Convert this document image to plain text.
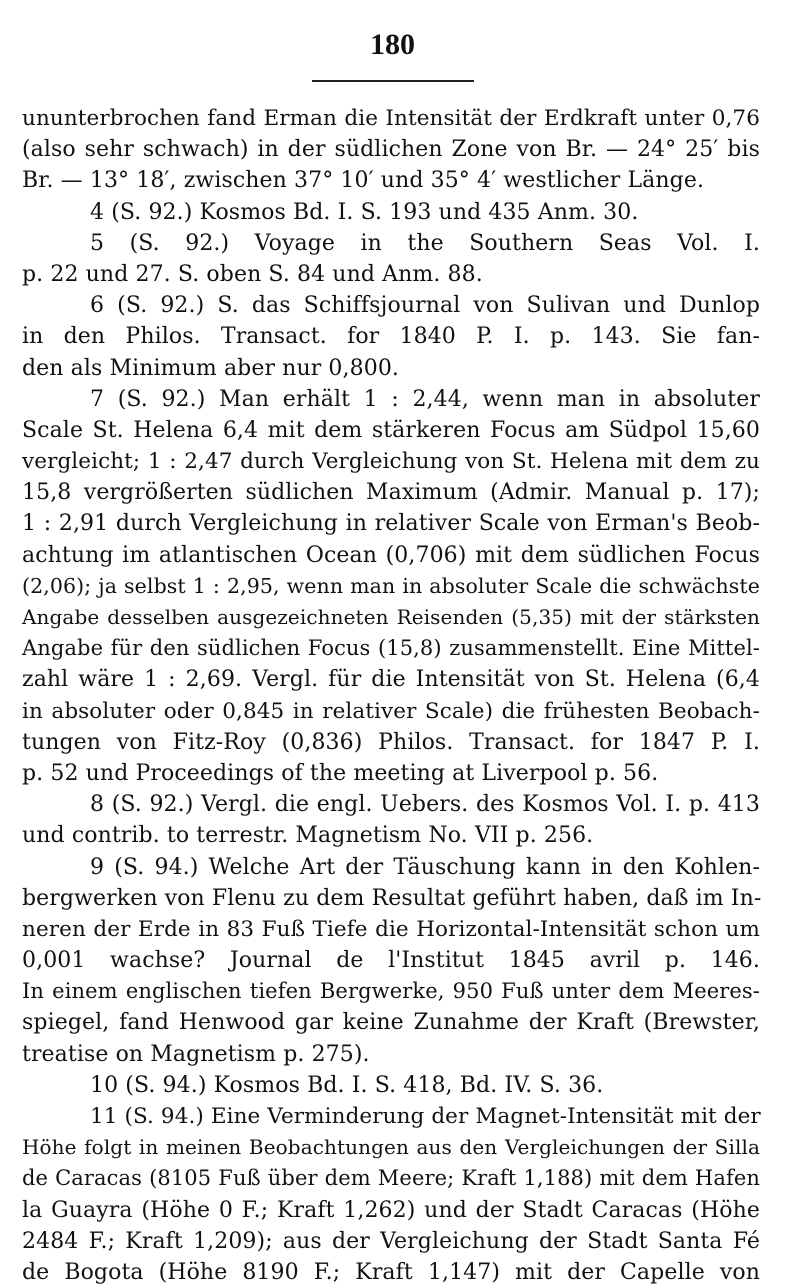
180
ununterbrochen fand Erman die Intensität der Erdkraft unter 0,76
(also sehr schwach) in der südlichen Zone von Br. — 24° 25′ bis
Br. — 13° 18′, zwischen 37° 10′ und 35° 4′ westlicher Länge.
4 (S. 92.) Kosmos Bd. I. S. 193 und 435 Anm. 30.
5 (S. 92.) Voyage in the Southern Seas Vol. I.
p. 22 und 27. S. oben S. 84 und Anm. 88.
6 (S. 92.) S. das Schiffsjournal von Sulivan und Dunlop
in den Philos. Transact. for 1840 P. I. p. 143. Sie fan-
den als Minimum aber nur 0,800.
7 (S. 92.) Man erhält 1 : 2,44, wenn man in absoluter
Scale St. Helena 6,4 mit dem stärkeren Focus am Südpol 15,60
vergleicht; 1 : 2,47 durch Vergleichung von St. Helena mit dem zu
15,8 vergrößerten südlichen Maximum (Admir. Manual p. 17);
1 : 2,91 durch Vergleichung in relativer Scale von Erman's Beob-
achtung im atlantischen Ocean (0,706) mit dem südlichen Focus
(2,06); ja selbst 1 : 2,95, wenn man in absoluter Scale die schwächste
Angabe desselben ausgezeichneten Reisenden (5,35) mit der stärksten
Angabe für den südlichen Focus (15,8) zusammenstellt. Eine Mittel-
zahl wäre 1 : 2,69. Vergl. für die Intensität von St. Helena (6,4
in absoluter oder 0,845 in relativer Scale) die frühesten Beobach-
tungen von Fitz-Roy (0,836) Philos. Transact. for 1847 P. I.
p. 52 und Proceedings of the meeting at Liverpool p. 56.
8 (S. 92.) Vergl. die engl. Uebers. des Kosmos Vol. I. p. 413
und contrib. to terrestr. Magnetism No. VII p. 256.
9 (S. 94.) Welche Art der Täuschung kann in den Kohlen-
bergwerken von Flenu zu dem Resultat geführt haben, daß im In-
neren der Erde in 83 Fuß Tiefe die Horizontal-Intensität schon um
0,001 wachse? Journal de l'Institut 1845 avril p. 146.
In einem englischen tiefen Bergwerke, 950 Fuß unter dem Meeres-
spiegel, fand Henwood gar keine Zunahme der Kraft (Brewster,
treatise on Magnetism p. 275).
10 (S. 94.) Kosmos Bd. I. S. 418, Bd. IV. S. 36.
11 (S. 94.) Eine Verminderung der Magnet-Intensität mit der
Höhe folgt in meinen Beobachtungen aus den Vergleichungen der Silla
de Caracas (8105 Fuß über dem Meere; Kraft 1,188) mit dem Hafen
la Guayra (Höhe 0 F.; Kraft 1,262) und der Stadt Caracas (Höhe
2484 F.; Kraft 1,209); aus der Vergleichung der Stadt Santa Fé
de Bogota (Höhe 8190 F.; Kraft 1,147) mit der Capelle von
